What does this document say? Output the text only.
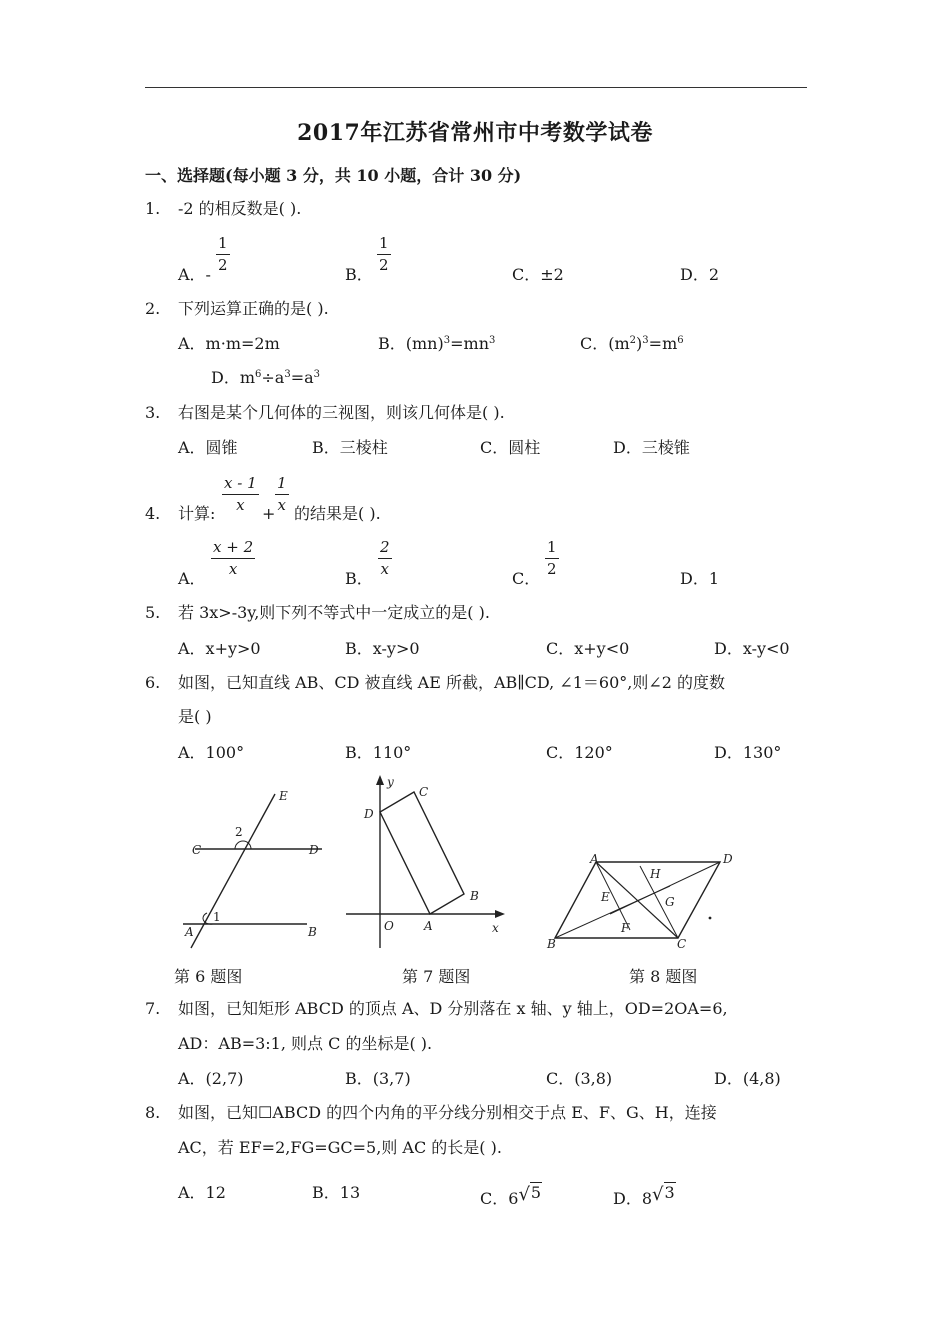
2017年江苏省常州市中考数学试卷
一、选择题(每小题 3 分，共 10 小题，合计 30 分)
1. -2 的相反数是( ).
A．-
$\frac{1}{2}$
B．
$\frac{1}{2}$
C．±2	D．2
2. 下列运算正确的是( ).
A．m·m=2m	B．$(mn)^3=mn^3$	C．$(m^2)^3=m^6$
D．$m^6\div a^3=a^3$
3. 右图是某个几何体的三视图，则该几何体是( ).
A．圆锥	B．三棱柱	C．圆柱	D．三棱锥
4. 计算:
$\frac{x - 1}{x}$
+
$\frac{1}{x}$
的结果是( ).
A．
$\frac{x + 2}{x}$
B．
$\frac{2}{x}$
C．
$\frac{1}{2}$
D．1
5. 若 3x>-3y,则下列不等式中一定成立的是( ).
A．x+y>0	B．x-y>0	C．x+y<0	D．x-y<0
6. 如图，已知直线 AB、CD 被直线 AE 所截，AB∥CD, ∠1＝60°,则∠2 的度数
是( )
A．100°	B．110°	C．120°	D．130°
E
C	D
A	B
1
2
y
x
C
D
B
O	A
A	D
H
E	G
F
B	C
第 6 题图	第 7 题图	第 8 题图
7. 如图，已知矩形 ABCD 的顶点 A、D 分别落在 x 轴、y 轴上，OD=2OA=6,
AD：AB=3:1, 则点 C 的坐标是( ).
A．(2,7)	B．(3,7)	C．(3,8)	D．(4,8)
8. 如图，已知☐ABCD 的四个内角的平分线分别相交于点 E、F、G、H，连接
AC，若 EF=2,FG=GC=5,则 AC 的长是( ).
A．12	B．13	C．6√5	D．8√3
